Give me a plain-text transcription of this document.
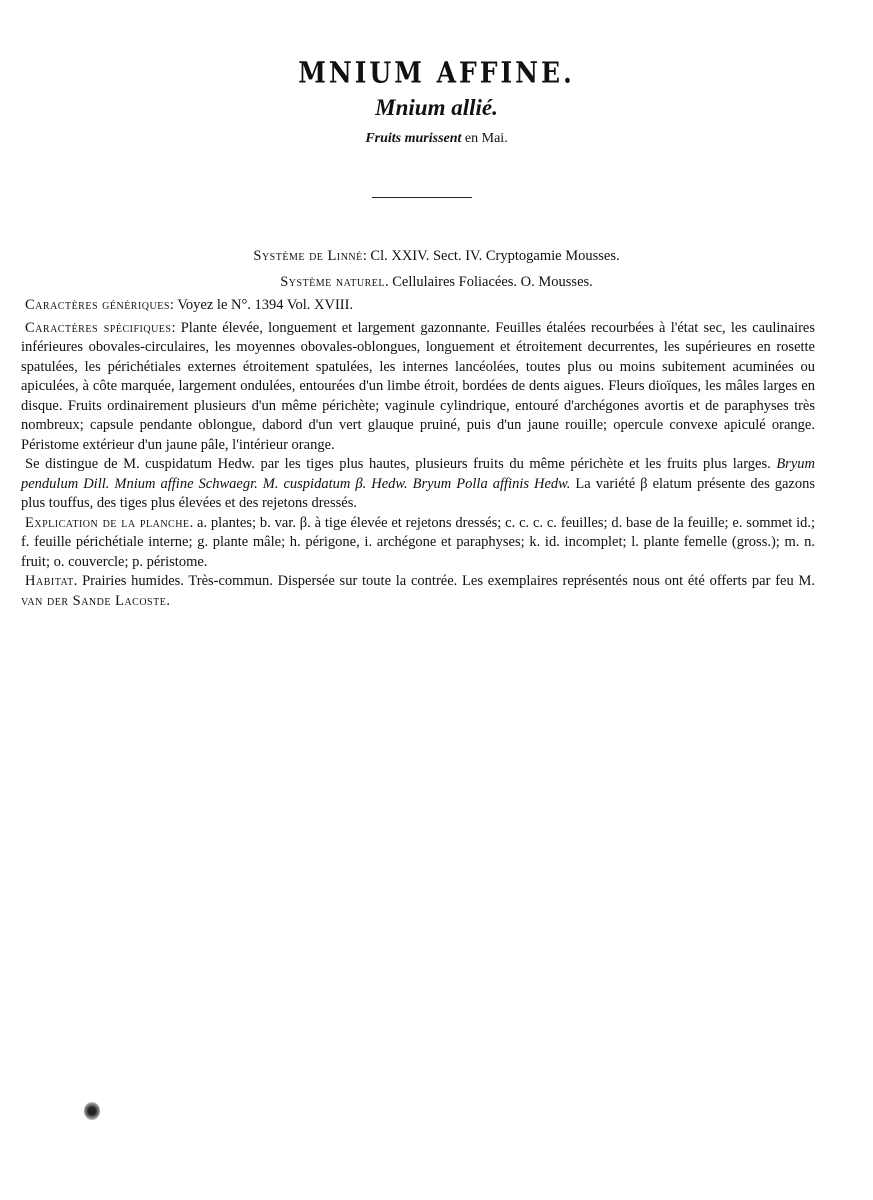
MNIUM AFFINE.
Mnium allié.
Fruits murissent en Mai.
Système de Linné: Cl. XXIV. Sect. IV. Cryptogamie Mousses.
Système naturel. Cellulaires Foliacées. O. Mousses.

Caractères génériques: Voyez le N°. 1394 Vol. XVIII.

Caractères spécifiques: Plante élevée, longuement et largement gazonnante. Feuilles étalées recourbées à l'état sec, les caulinaires inférieures obovales-circulaires, les moyennes obovales-oblongues, longuement et étroitement decurrentes, les supérieures en rosette spatulées, les périchétiales externes étroitement spatulées, les internes lancéolées, toutes plus ou moins subitement acuminées ou apiculées, à côte marquée, largement ondulées, entourées d'un limbe étroit, bordées de dents aigues. Fleurs dioïques, les mâles larges en disque. Fruits ordinairement plusieurs d'un même périchète; vaginule cylindrique, entouré d'archégones avortis et de paraphyses très nombreux; capsule pendante oblongue, dabord d'un vert glauque pruiné, puis d'un jaune rouille; opercule convexe apiculé orange. Péristome extérieur d'un jaune pâle, l'intérieur orange.

Se distingue de M. cuspidatum Hedw. par les tiges plus hautes, plusieurs fruits du même périchète et les fruits plus larges. Bryum pendulum Dill. Mnium affine Schwaegr. M. cuspidatum β. Hedw. Bryum Polla affinis Hedw. La variété β elatum présente des gazons plus touffus, des tiges plus élevées et des rejetons dressés.

Explication de la planche. a. plantes; b. var. β. à tige élevée et rejetons dressés; c. c. c. c. feuilles; d. base de la feuille; e. sommet id.; f. feuille périchétiale interne; g. plante mâle; h. périgone, i. archégone et paraphyses; k. id. incomplet; l. plante femelle (gross.); m. n. fruit; o. couvercle; p. péristome.

Habitat. Prairies humides. Très-commun. Dispersée sur toute la contrée. Les exemplaires représentés nous ont été offerts par feu M. van der Sande Lacoste.
